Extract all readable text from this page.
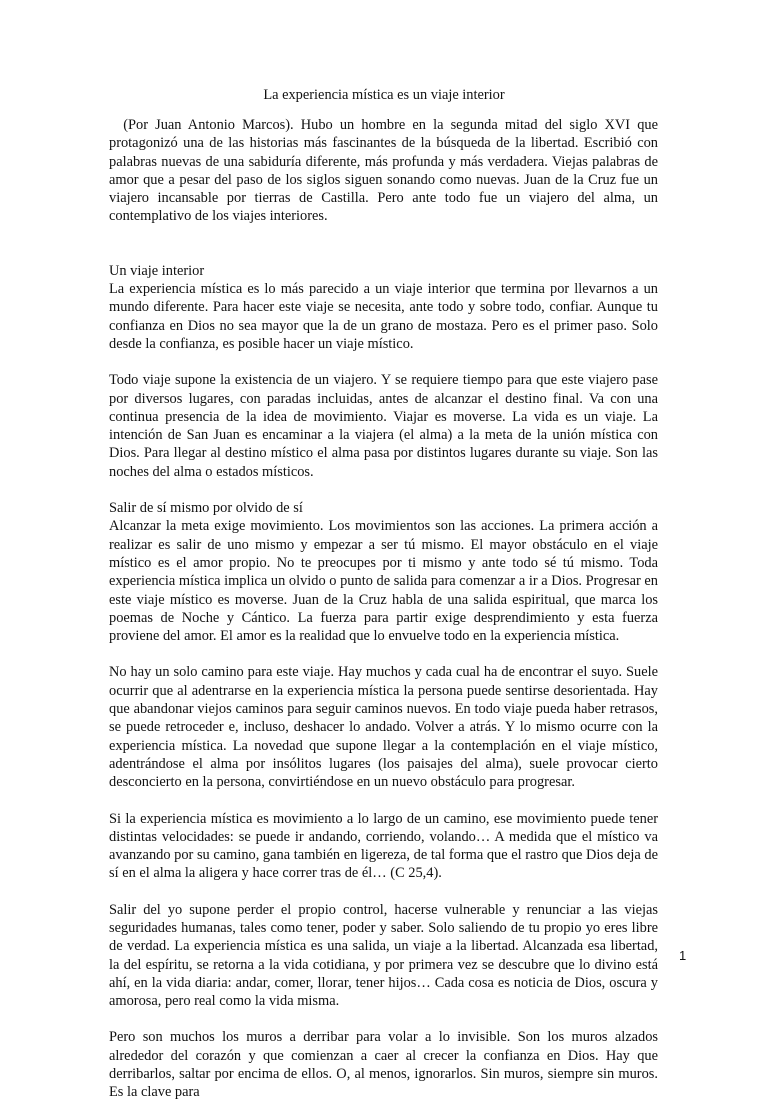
La experiencia mística es un viaje interior

(Por Juan Antonio Marcos). Hubo un hombre en la segunda mitad del siglo XVI que protagonizó una de las historias más fascinantes de la búsqueda de la libertad. Escribió con palabras nuevas de una sabiduría diferente, más profunda y más verdadera. Viejas palabras de amor que a pesar del paso de los siglos siguen sonando como nuevas. Juan de la Cruz fue un viajero incansable por tierras de Castilla. Pero ante todo fue un viajero del alma, un contemplativo de los viajes interiores.

Un viaje interior

La experiencia mística es lo más parecido a un viaje interior que termina por llevarnos a un mundo diferente. Para hacer este viaje se necesita, ante todo y sobre todo, confiar. Aunque tu confianza en Dios no sea mayor que la de un grano de mostaza. Pero es el primer paso. Solo desde la confianza, es posible hacer un viaje místico.

Todo viaje supone la existencia de un viajero. Y se requiere tiempo para que este viajero pase por diversos lugares, con paradas incluidas, antes de alcanzar el destino final. Va con una continua presencia de la idea de movimiento. Viajar es moverse. La vida es un viaje. La intención de San Juan es encaminar a la viajera (el alma) a la meta de la unión mística con Dios. Para llegar al destino místico el alma pasa por distintos lugares durante su viaje. Son las noches del alma o estados místicos.

Salir de sí mismo por olvido de sí

Alcanzar la meta exige movimiento. Los movimientos son las acciones. La primera acción a realizar es salir de uno mismo y empezar a ser tú mismo. El mayor obstáculo en el viaje místico es el amor propio. No te preocupes por ti mismo y ante todo sé tú mismo. Toda experiencia mística implica un olvido o punto de salida para comenzar a ir a Dios. Progresar en este viaje místico es moverse. Juan de la Cruz habla de una salida espiritual, que marca los poemas de Noche y Cántico. La fuerza para partir exige desprendimiento y esta fuerza proviene del amor. El amor es la realidad que lo envuelve todo en la experiencia mística.

No hay un solo camino para este viaje. Hay muchos y cada cual ha de encontrar el suyo. Suele ocurrir que al adentrarse en la experiencia mística la persona puede sentirse desorientada. Hay que abandonar viejos caminos para seguir caminos nuevos. En todo viaje pueda haber retrasos, se puede retroceder e, incluso, deshacer lo andado. Volver a atrás. Y lo mismo ocurre con la experiencia mística. La novedad que supone llegar a la contemplación en el viaje místico, adentrándose el alma por insólitos lugares (los paisajes del alma), suele provocar cierto desconcierto en la persona, convirtiéndose en un nuevo obstáculo para progresar.

Si la experiencia mística es movimiento a lo largo de un camino, ese movimiento puede tener distintas velocidades: se puede ir andando, corriendo, volando… A medida que el místico va avanzando por su camino, gana también en ligereza, de tal forma que el rastro que Dios deja de sí en el alma la aligera y hace correr tras de él… (C 25,4).

Salir del yo supone perder el propio control, hacerse vulnerable y renunciar a las viejas seguridades humanas, tales como tener, poder y saber. Solo saliendo de tu propio yo eres libre de verdad. La experiencia mística es una salida, un viaje a la libertad. Alcanzada esa libertad, la del espíritu, se retorna a la vida cotidiana, y por primera vez se descubre que lo divino está ahí, en la vida diaria: andar, comer, llorar, tener hijos… Cada cosa es noticia de Dios, oscura y amorosa, pero real como la vida misma.

Pero son muchos los muros a derribar para volar a lo invisible. Son los muros alzados alrededor del corazón y que comienzan a caer al crecer la confianza en Dios. Hay que derribarlos, saltar por encima de ellos. O, al menos, ignorarlos. Sin muros, siempre sin muros. Es la clave para

1
